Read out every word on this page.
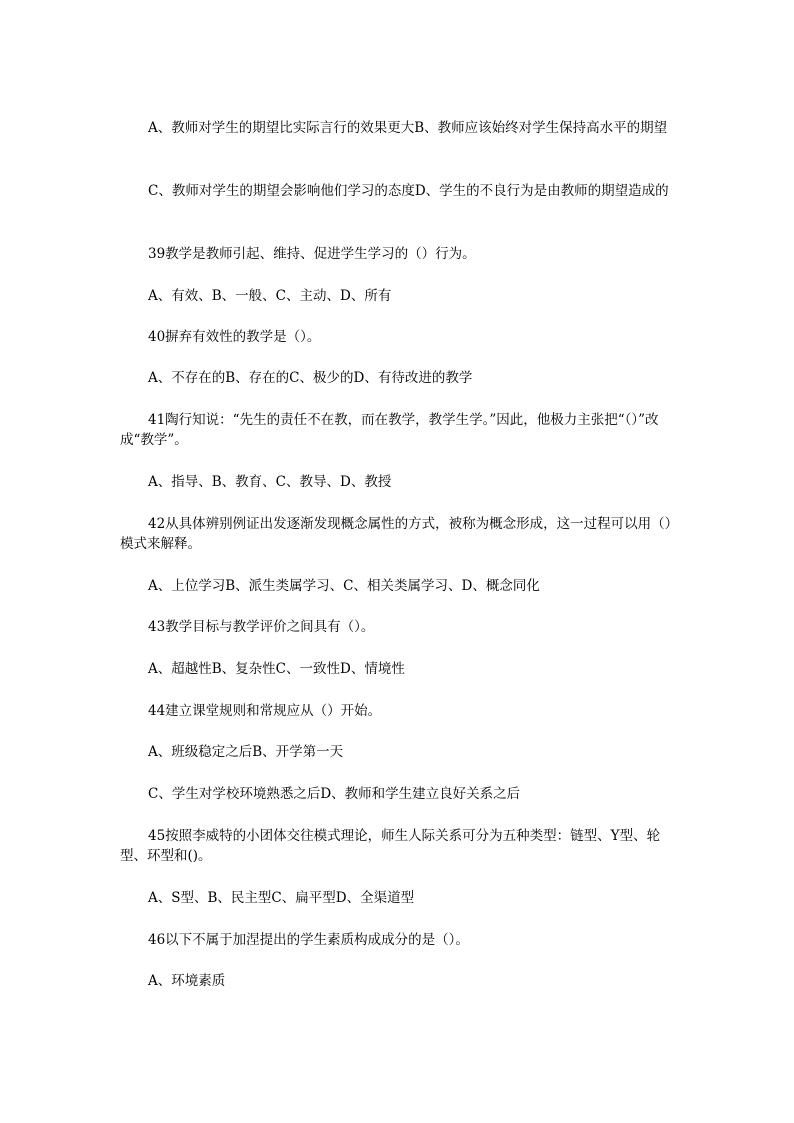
A、教师对学生的期望比实际言行的效果更大B、教师应该始终对学生保持高水平的期望

C、教师对学生的期望会影响他们学习的态度D、学生的不良行为是由教师的期望造成的

39教学是教师引起、维持、促进学生学习的（）行为。

A、有效、B、一般、C、主动、D、所有

40摒弃有效性的教学是（）。

A、不存在的B、存在的C、极少的D、有待改进的教学

41陶行知说：“先生的责任不在教，而在教学，教学生学。”因此，他极力主张把“（）”改成“教学”。

A、指导、B、教育、C、教导、D、教授

42从具体辨别例证出发逐渐发现概念属性的方式，被称为概念形成，这一过程可以用（）模式来解释。

A、上位学习B、派生类属学习、C、相关类属学习、D、概念同化

43教学目标与教学评价之间具有（）。

A、超越性B、复杂性C、一致性D、情境性

44建立课堂规则和常规应从（）开始。

A、班级稳定之后B、开学第一天

C、学生对学校环境熟悉之后D、教师和学生建立良好关系之后

45按照李威特的小团体交往模式理论，师生人际关系可分为五种类型：链型、Y型、轮型、环型和()。

A、S型、B、民主型C、扁平型D、全渠道型

46以下不属于加涅提出的学生素质构成成分的是（）。

A、环境素质
